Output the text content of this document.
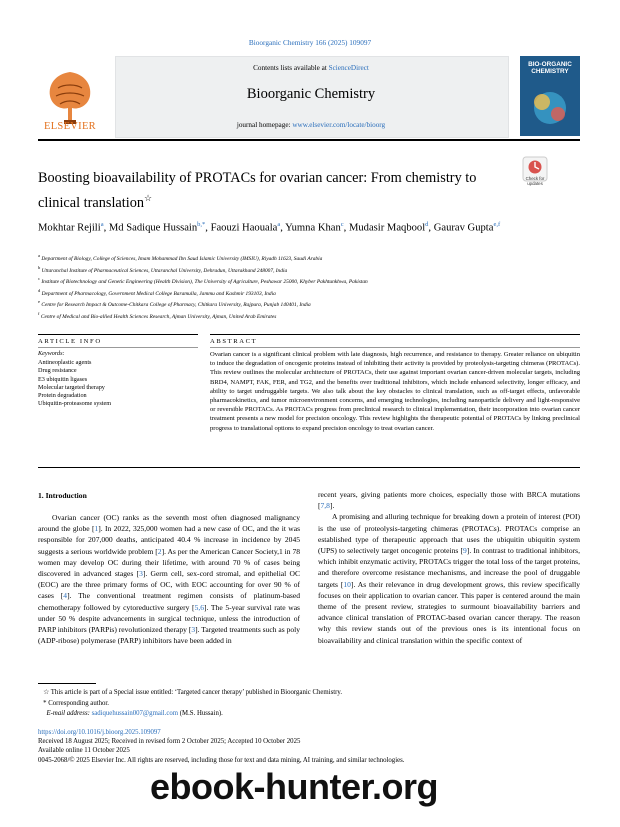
Bioorganic Chemistry 166 (2025) 109097
Contents lists available at ScienceDirect
Bioorganic Chemistry
journal homepage: www.elsevier.com/locate/bioorg
ELSEVIER
BIO-ORGANIC
CHEMISTRY
Boosting bioavailability of PROTACs for ovarian cancer: From chemistry to clinical translation☆
Check for
updates
Mokhtar Rejili$^a$, Md Sadique Hussain$^{b,*}$, Faouzi Haouala$^a$, Yumna Khan$^c$, Mudasir Maqbool$^d$, Gaurav Gupta$^{e,f}$
$^a$ Department of Biology, College of Sciences, Imam Mohammad Ibn Saud Islamic University (IMSIU), Riyadh 11623, Saudi Arabia
$^b$ Uttaranchal Institute of Pharmaceutical Sciences, Uttaranchal University, Dehradun, Uttarakhand 248007, India
$^c$ Institute of Biotechnology and Genetic Engineering (Health Division), The University of Agriculture, Peshawar 25000, Khyber Pakhtunkhwa, Pakistan
$^d$ Department of Pharmacology, Government Medical College Baramulla, Jammu and Kashmir 193103, India
$^e$ Centre for Research Impact & Outcome-Chitkara College of Pharmacy, Chitkara University, Rajpura, Punjab 140401, India
$^f$ Centre of Medical and Bio-allied Health Sciences Research, Ajman University, Ajman, United Arab Emirates
ARTICLE INFO	ABSTRACT
Keywords:
Antineoplastic agents
Drug resistance
E3 ubiquitin ligases
Molecular targeted therapy
Protein degradation
Ubiquitin-proteasome system
Ovarian cancer is a significant clinical problem with late diagnosis, high recurrence, and resistance to therapy. Greater reliance on ubiquitin to induce the degradation of oncogenic proteins instead of inhibiting their activity is provided by proteolysis-targeting chimeras (PROTACs). This review outlines the molecular architecture of PROTACs, their use against important ovarian cancer-driven molecular targets, including BRD4, NAMPT, FAK, FER, and TG2, and the benefits over traditional inhibitors, which include enhanced selectivity, longer efficacy, and ability to target undruggable targets. We also talk about the key obstacles to clinical translation, such as off-target effects, unfavorable pharmacokinetics, and tumor microenvironment concerns, and emerging technologies, including nanoparticle delivery and light-responsive or reversible PROTACs. As PROTACs progress from preclinical research to clinical implementation, their incorporation into ovarian cancer treatment presents a new model for precision oncology. This review highlights the therapeutic potential of PROTACs by linking preclinical progress to translational options to expand precision oncology to treat ovarian cancer.
1. Introduction

Ovarian cancer (OC) ranks as the seventh most often diagnosed malignancy around the globe [1]. In 2022, 325,000 women had a new case of OC, and the it was responsible for 207,000 deaths, anticipated 40.4 % increase in incidence by 2045 suggests a serious worldwide problem [2]. As per the American Cancer Society,1 in 78 women may develop OC during their lifetime, with around 70 % of cases being discovered in advanced stages [3]. Germ cell, sex-cord stromal, and epithelial OC (EOC) are the three primary forms of OC, with EOC accounting for over 90 % of cases [4]. The conventional treatment regimen consists of platinum-based chemotherapy followed by cytoreductive surgery [5,6]. The 5-year survival rate was under 50 % despite advancements in surgical technique, unless the introduction of PARP inhibitors (PARPis) revolutionized therapy [3]. Targeted treatments such as poly (ADP-ribose) polymerase (PARP) inhibitors have been added in

recent years, giving patients more choices, especially those with BRCA mutations [7,8].

A promising and alluring technique for breaking down a protein of interest (POI) is the use of proteolysis-targeting chimeras (PROTACs). PROTACs comprise an established type of therapeutic approach that uses the ubiquitin ubiquitin system (UPS) to selectively target oncogenic proteins [9]. In contrast to traditional inhibitors, which inhibit enzymatic activity, PROTACs trigger the total loss of the target proteins, and therefore overcome resistance mechanisms, and increase the pool of druggable targets [10]. As their relevance in drug development grows, this review specifically focuses on their application to ovarian cancer. This paper is centered around the main theme of the present review, strategies to surmount bioavailability barriers and advance clinical translation of PROTAC-based ovarian cancer therapy. The reason why this review stands out of the previous ones is its intentional focus on bioavailability and clinical translation within the specific context of

☆ This article is part of a Special issue entitled: ‘Targeted cancer therapy’ published in Bioorganic Chemistry.
* Corresponding author.
E-mail address: sadiquehussain007@gmail.com (M.S. Hussain).
https://doi.org/10.1016/j.bioorg.2025.109097
Received 18 August 2025; Received in revised form 2 October 2025; Accepted 10 October 2025
Available online 11 October 2025
0045-2068/© 2025 Elsevier Inc. All rights are reserved, including those for text and data mining, AI training, and similar technologies.
ebook-hunter.org
